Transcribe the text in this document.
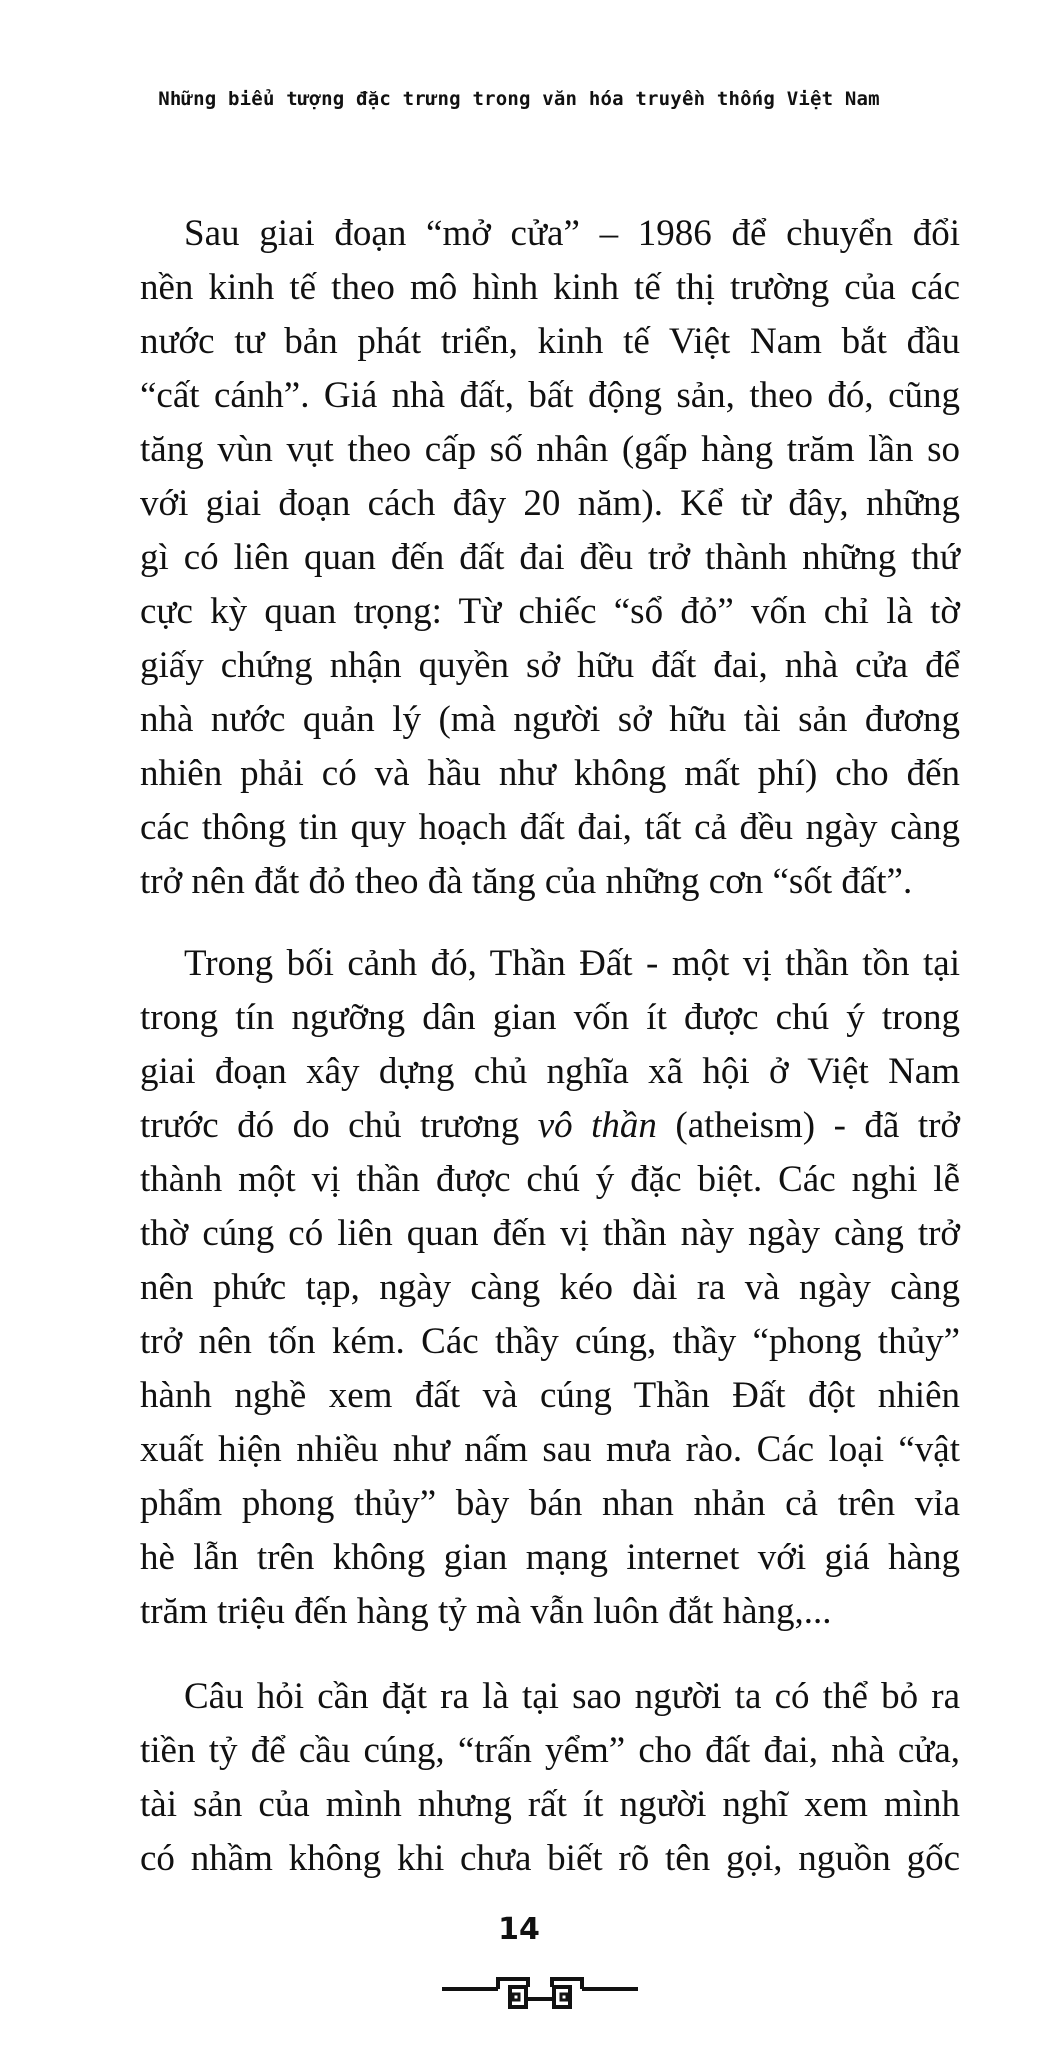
Những biểu tượng đặc trưng trong văn hóa truyền thống Việt Nam
Sau giai đoạn “mở cửa” – 1986 để chuyển đổi
nền kinh tế theo mô hình kinh tế thị trường của các
nước tư bản phát triển, kinh tế Việt Nam bắt đầu
“cất cánh”. Giá nhà đất, bất động sản, theo đó, cũng
tăng vùn vụt theo cấp số nhân (gấp hàng trăm lần so
với giai đoạn cách đây 20 năm). Kể từ đây, những
gì có liên quan đến đất đai đều trở thành những thứ
cực kỳ quan trọng: Từ chiếc “sổ đỏ” vốn chỉ là tờ
giấy chứng nhận quyền sở hữu đất đai, nhà cửa để
nhà nước quản lý (mà người sở hữu tài sản đương
nhiên phải có và hầu như không mất phí) cho đến
các thông tin quy hoạch đất đai, tất cả đều ngày càng
trở nên đắt đỏ theo đà tăng của những cơn “sốt đất”.
Trong bối cảnh đó, Thần Đất - một vị thần tồn tại
trong tín ngưỡng dân gian vốn ít được chú ý trong
giai đoạn xây dựng chủ nghĩa xã hội ở Việt Nam
trước đó do chủ trương vô thần (atheism) - đã trở
thành một vị thần được chú ý đặc biệt. Các nghi lễ
thờ cúng có liên quan đến vị thần này ngày càng trở
nên phức tạp, ngày càng kéo dài ra và ngày càng
trở nên tốn kém. Các thầy cúng, thầy “phong thủy”
hành nghề xem đất và cúng Thần Đất đột nhiên
xuất hiện nhiều như nấm sau mưa rào. Các loại “vật
phẩm phong thủy” bày bán nhan nhản cả trên vỉa
hè lẫn trên không gian mạng internet với giá hàng
trăm triệu đến hàng tỷ mà vẫn luôn đắt hàng,...
Câu hỏi cần đặt ra là tại sao người ta có thể bỏ ra
tiền tỷ để cầu cúng, “trấn yểm” cho đất đai, nhà cửa,
tài sản của mình nhưng rất ít người nghĩ xem mình
có nhầm không khi chưa biết rõ tên gọi, nguồn gốc
14
